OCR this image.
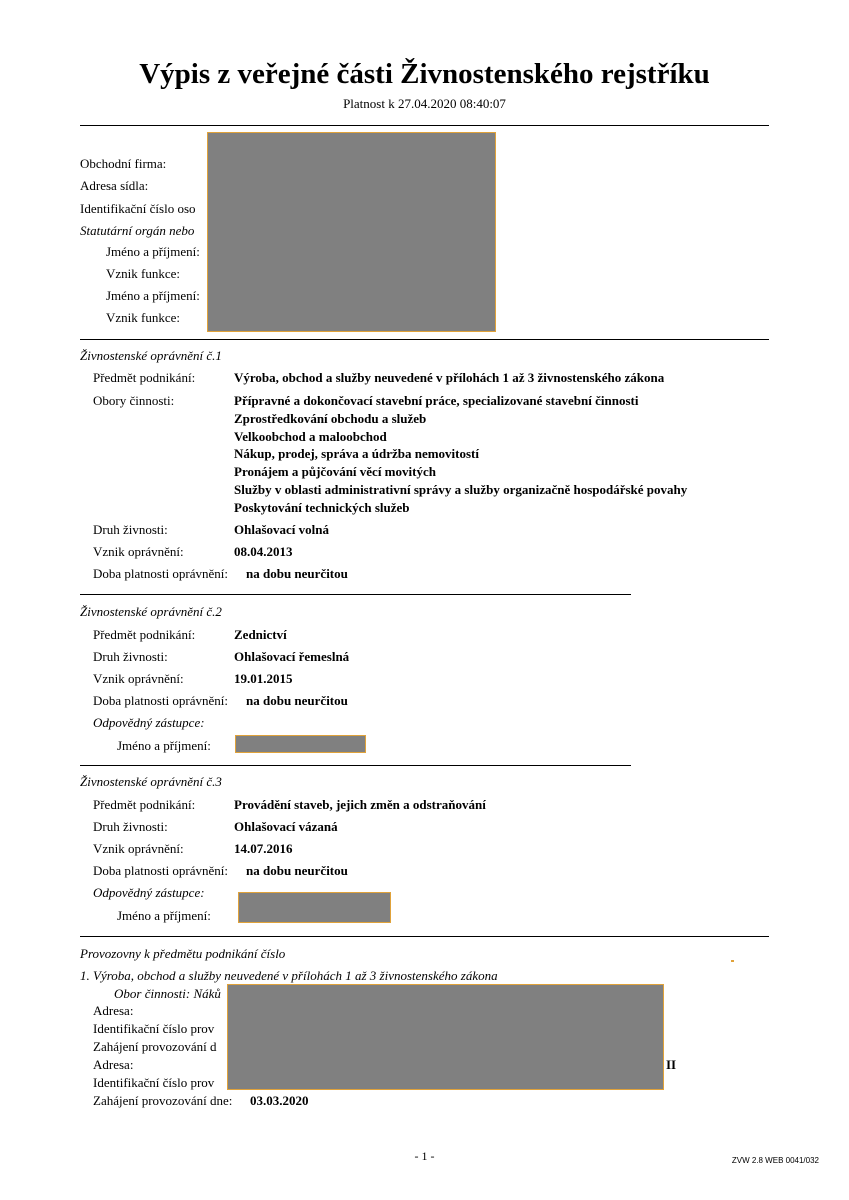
Výpis z veřejné části Živnostenského rejstříku
Platnost k 27.04.2020 08:40:07
Obchodní firma:
Adresa sídla:
Identifikační číslo oso
Statutární orgán nebo
Jméno a příjmení:
Vznik funkce:
Jméno a příjmení:
Vznik funkce:
Živnostenské oprávnění č.1
Předmět podnikání:	Výroba, obchod a služby neuvedené v přílohách 1 až 3 živnostenského zákona
Obory činnosti:	Přípravné a dokončovací stavební práce, specializované stavební činnosti
Zprostředkování obchodu a služeb
Velkoobchod a maloobchod
Nákup, prodej, správa a údržba nemovitostí
Pronájem a půjčování věcí movitých
Služby v oblasti administrativní správy a služby organizačně hospodářské povahy
Poskytování technických služeb
Druh živnosti:	Ohlašovací volná
Vznik oprávnění:	08.04.2013
Doba platnosti oprávnění: na dobu neurčitou
Živnostenské oprávnění č.2
Předmět podnikání:	Zednictví
Druh živnosti:	Ohlašovací řemeslná
Vznik oprávnění:	19.01.2015
Doba platnosti oprávnění: na dobu neurčitou
Odpovědný zástupce:
Jméno a příjmení:
Živnostenské oprávnění č.3
Předmět podnikání:	Provádění staveb, jejich změn a odstraňování
Druh živnosti:	Ohlašovací vázaná
Vznik oprávnění:	14.07.2016
Doba platnosti oprávnění: na dobu neurčitou
Odpovědný zástupce:
Jméno a příjmení:
Provozovny k předmětu podnikání číslo
1. Výroba, obchod a služby neuvedené v přílohách 1 až 3 živnostenského zákona
Obor činnosti: Náků
Adresa:
Identifikační číslo prov
Zahájení provozování d
Adresa:	II
Identifikační číslo prov
Zahájení provozování dne: 03.03.2020
- 1 -	ZVW 2.8 WEB 0041/032
